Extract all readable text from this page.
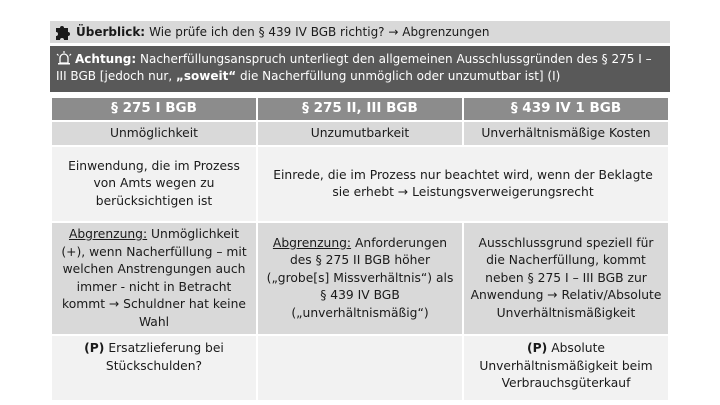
Überblick: Wie prüfe ich den § 439 IV BGB richtig? → Abgrenzungen
Achtung: Nacherfüllungsanspruch unterliegt den allgemeinen Ausschlussgründen des § 275 I – III BGB [jedoch nur, „soweit“ die Nacherfüllung unmöglich oder unzumutbar ist] (I)
§ 275 I BGB	§ 275 II, III BGB	§ 439 IV 1 BGB
Unmöglichkeit	Unzumutbarkeit	Unverhältnismäßige Kosten
Einwendung, die im Prozess von Amts wegen zu berücksichtigen ist	Einrede, die im Prozess nur beachtet wird, wenn der Beklagte sie erhebt → Leistungsverweigerungsrecht	
Abgrenzung: Unmöglichkeit (+), wenn Nacherfüllung – mit welchen Anstrengungen auch immer - nicht in Betracht kommt → Schuldner hat keine Wahl	Abgrenzung: Anforderungen des § 275 II BGB höher („grobe[s] Missverhältnis“) als § 439 IV BGB („unverhältnismäßig“)	Ausschlussgrund speziell für die Nacherfüllung, kommt neben § 275 I – III BGB zur Anwendung → Relativ/Absolute Unverhältnismäßigkeit
(P) Ersatzlieferung bei Stückschulden?		(P) Absolute Unverhältnismäßigkeit beim Verbrauchsgüterkauf
